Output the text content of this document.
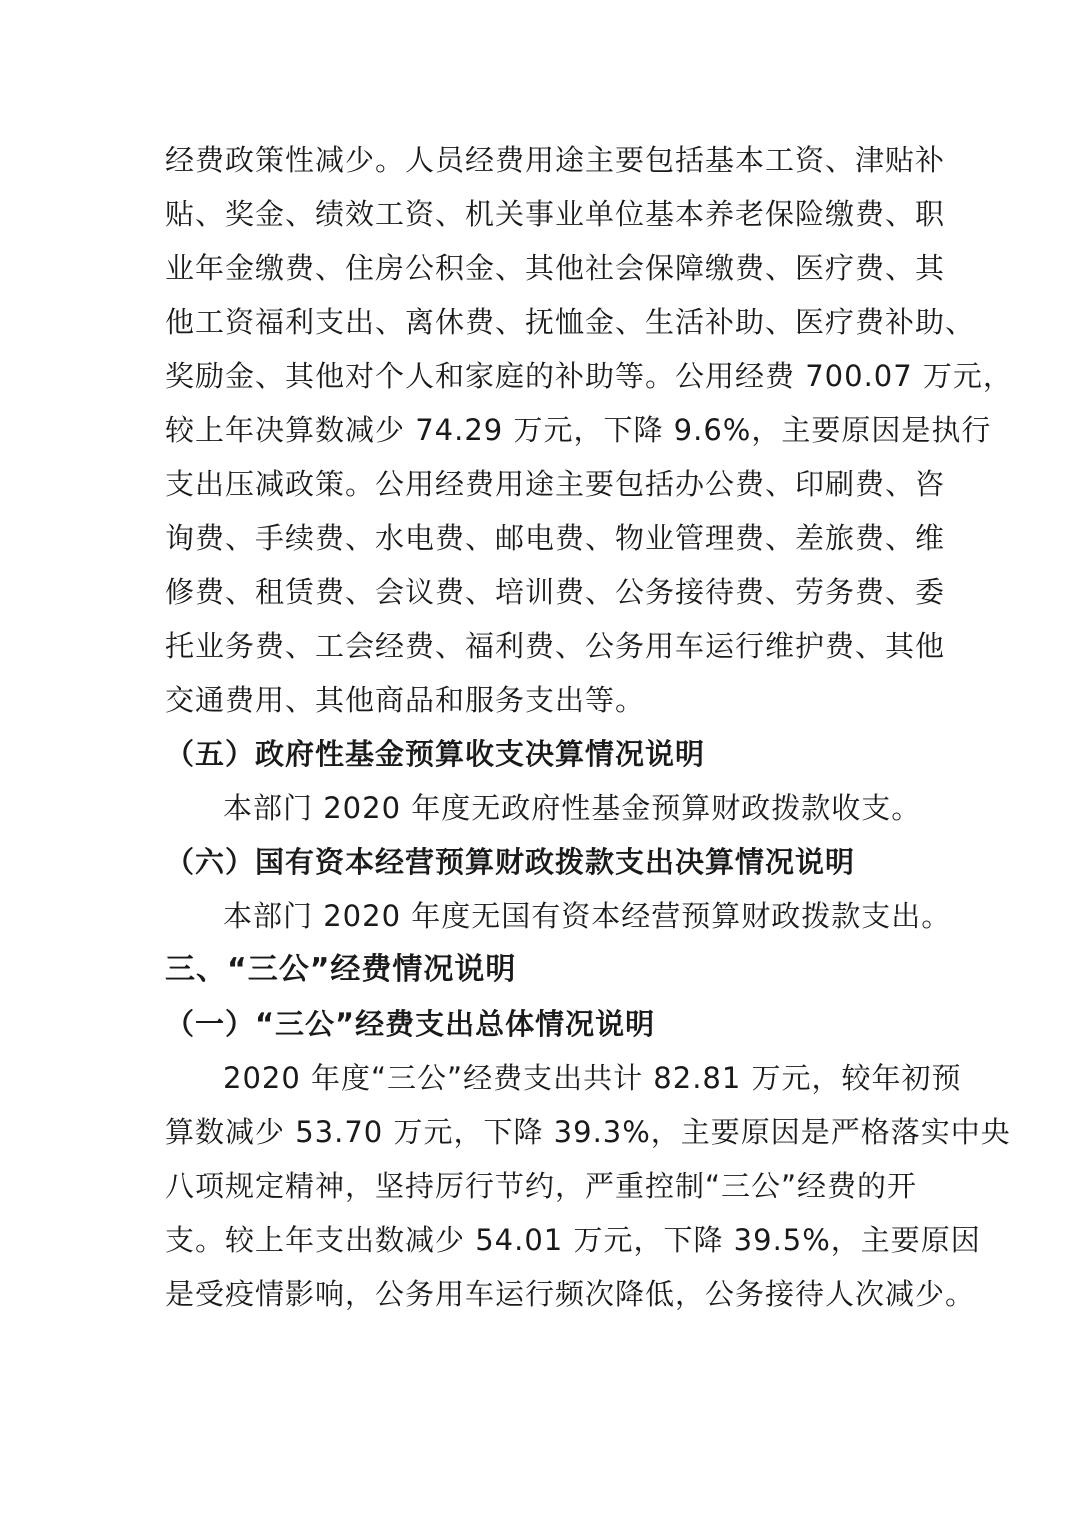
经费政策性减少。人员经费用途主要包括基本工资、津贴补
贴、奖金、绩效工资、机关事业单位基本养老保险缴费、职
业年金缴费、住房公积金、其他社会保障缴费、医疗费、其
他工资福利支出、离休费、抚恤金、生活补助、医疗费补助、
奖励金、其他对个人和家庭的补助等。公用经费 700.07 万元，
较上年决算数减少 74.29 万元，下降 9.6%，主要原因是执行
支出压减政策。公用经费用途主要包括办公费、印刷费、咨
询费、手续费、水电费、邮电费、物业管理费、差旅费、维
修费、租赁费、会议费、培训费、公务接待费、劳务费、委
托业务费、工会经费、福利费、公务用车运行维护费、其他
交通费用、其他商品和服务支出等。
（五）政府性基金预算收支决算情况说明
本部门 2020 年度无政府性基金预算财政拨款收支。
（六）国有资本经营预算财政拨款支出决算情况说明
本部门 2020 年度无国有资本经营预算财政拨款支出。
三、“三公”经费情况说明
（一）“三公”经费支出总体情况说明
2020 年度“三公”经费支出共计 82.81 万元，较年初预
算数减少 53.70 万元，下降 39.3%，主要原因是严格落实中央
八项规定精神，坚持厉行节约，严重控制“三公”经费的开
支。较上年支出数减少 54.01 万元，下降 39.5%，主要原因
是受疫情影响，公务用车运行频次降低，公务接待人次减少。
